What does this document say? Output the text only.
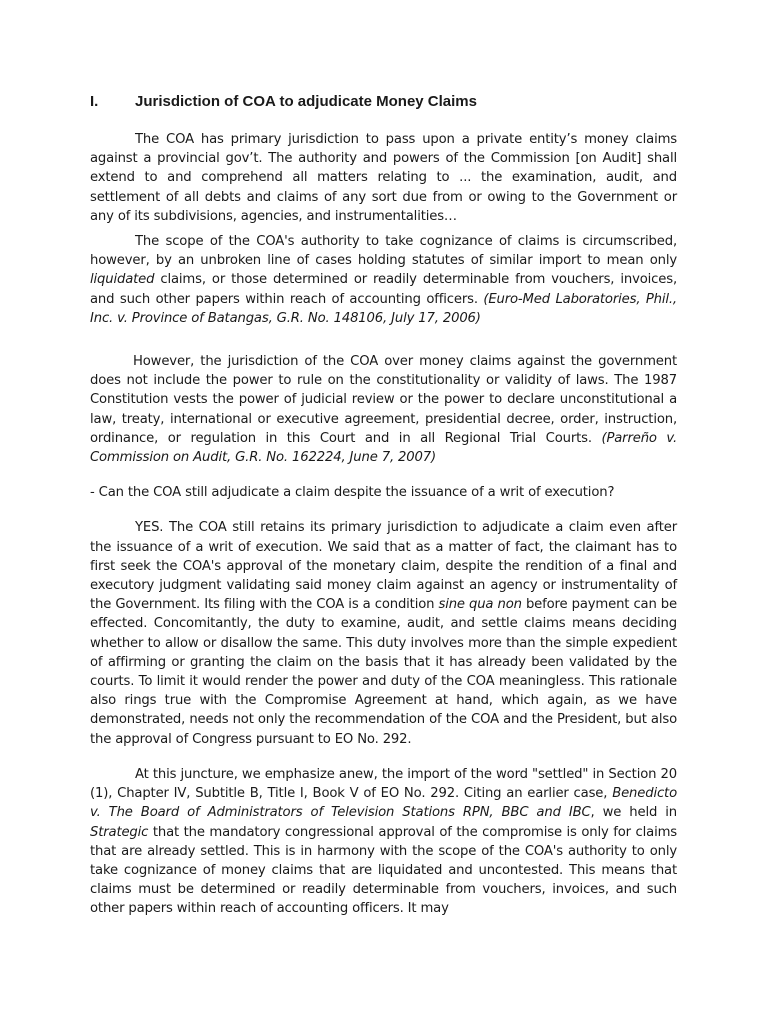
I.	Jurisdiction of COA to adjudicate Money Claims

The COA has primary jurisdiction to pass upon a private entity’s money claims against a provincial gov’t. The authority and powers of the Commission [on Audit] shall extend to and comprehend all matters relating to ... the examination, audit, and settlement of all debts and claims of any sort due from or owing to the Government or any of its subdivisions, agencies, and instrumentalities…

The scope of the COA's authority to take cognizance of claims is circumscribed, however, by an unbroken line of cases holding statutes of similar import to mean only liquidated claims, or those determined or readily determinable from vouchers, invoices, and such other papers within reach of accounting officers. (Euro-Med Laboratories, Phil., Inc. v. Province of Batangas, G.R. No. 148106, July 17, 2006)

However, the jurisdiction of the COA over money claims against the government does not include the power to rule on the constitutionality or validity of laws. The 1987 Constitution vests the power of judicial review or the power to declare unconstitutional a law, treaty, international or executive agreement, presidential decree, order, instruction, ordinance, or regulation in this Court and in all Regional Trial Courts. (Parreño v. Commission on Audit, G.R. No. 162224, June 7, 2007)

- Can the COA still adjudicate a claim despite the issuance of a writ of execution?

YES. The COA still retains its primary jurisdiction to adjudicate a claim even after the issuance of a writ of execution. We said that as a matter of fact, the claimant has to first seek the COA's approval of the monetary claim, despite the rendition of a final and executory judgment validating said money claim against an agency or instrumentality of the Government. Its filing with the COA is a condition sine qua non before payment can be effected. Concomitantly, the duty to examine, audit, and settle claims means deciding whether to allow or disallow the same. This duty involves more than the simple expedient of affirming or granting the claim on the basis that it has already been validated by the courts. To limit it would render the power and duty of the COA meaningless. This rationale also rings true with the Compromise Agreement at hand, which again, as we have demonstrated, needs not only the recommendation of the COA and the President, but also the approval of Congress pursuant to EO No. 292.

At this juncture, we emphasize anew, the import of the word "settled" in Section 20 (1), Chapter IV, Subtitle B, Title I, Book V of EO No. 292. Citing an earlier case, Benedicto v. The Board of Administrators of Television Stations RPN, BBC and IBC, we held in Strategic that the mandatory congressional approval of the compromise is only for claims that are already settled. This is in harmony with the scope of the COA's authority to only take cognizance of money claims that are liquidated and uncontested. This means that claims must be determined or readily determinable from vouchers, invoices, and such other papers within reach of accounting officers. It may
